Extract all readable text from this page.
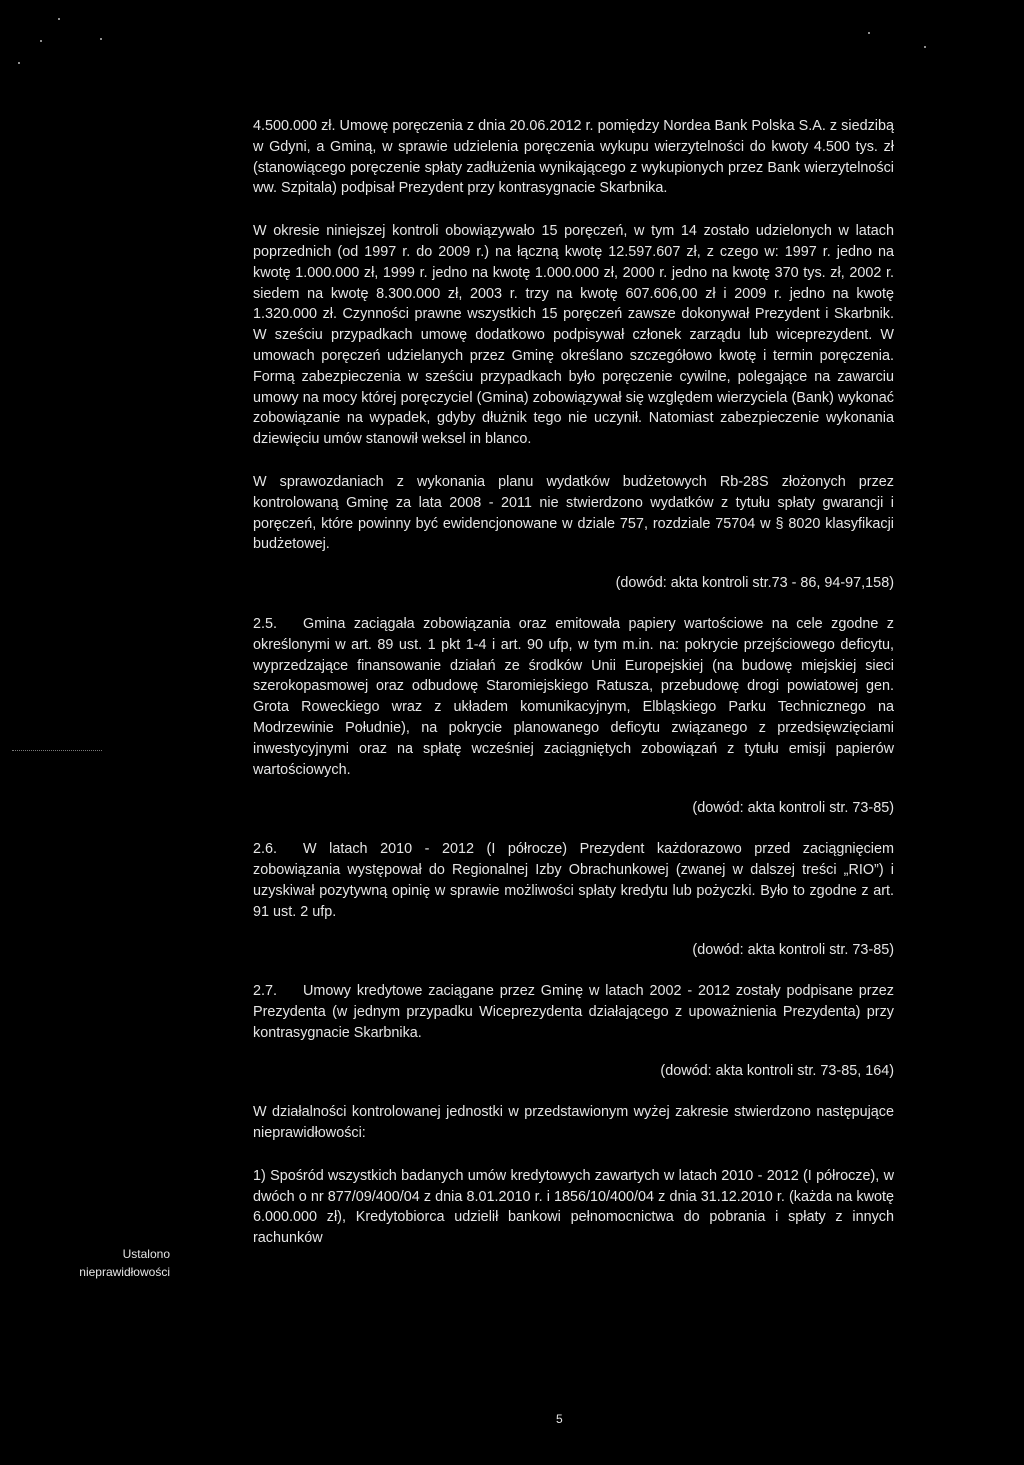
4.500.000 zł. Umowę poręczenia z dnia 20.06.2012 r. pomiędzy Nordea Bank Polska S.A. z siedzibą w Gdyni, a Gminą, w sprawie udzielenia poręczenia wykupu wierzytelności do kwoty 4.500 tys. zł (stanowiącego poręczenie spłaty zadłużenia wynikającego z wykupionych przez Bank wierzytelności ww. Szpitala) podpisał Prezydent przy kontrasygnacie Skarbnika.

W okresie niniejszej kontroli obowiązywało 15 poręczeń, w tym 14 zostało udzielonych w latach poprzednich (od 1997 r. do 2009 r.) na łączną kwotę 12.597.607 zł, z czego w: 1997 r. jedno na kwotę 1.000.000 zł, 1999 r. jedno na kwotę 1.000.000 zł, 2000 r. jedno na kwotę 370 tys. zł, 2002 r. siedem na kwotę 8.300.000 zł, 2003 r. trzy na kwotę 607.606,00 zł i 2009 r. jedno na kwotę 1.320.000 zł. Czynności prawne wszystkich 15 poręczeń zawsze dokonywał Prezydent i Skarbnik. W sześciu przypadkach umowę dodatkowo podpisywał członek zarządu lub wiceprezydent. W umowach poręczeń udzielanych przez Gminę określano szczegółowo kwotę i termin poręczenia. Formą zabezpieczenia w sześciu przypadkach było poręczenie cywilne, polegające na zawarciu umowy na mocy której poręczyciel (Gmina) zobowiązywał się względem wierzyciela (Bank) wykonać zobowiązanie na wypadek, gdyby dłużnik tego nie uczynił. Natomiast zabezpieczenie wykonania dziewięciu umów stanowił weksel in blanco.

W sprawozdaniach z wykonania planu wydatków budżetowych Rb-28S złożonych przez kontrolowaną Gminę za lata 2008 - 2011 nie stwierdzono wydatków z tytułu spłaty gwarancji i poręczeń, które powinny być ewidencjonowane w dziale 757, rozdziale 75704 w § 8020 klasyfikacji budżetowej.

(dowód: akta kontroli str.73 - 86, 94-97,158)

2.5. Gmina zaciągała zobowiązania oraz emitowała papiery wartościowe na cele zgodne z określonymi w art. 89 ust. 1 pkt 1-4 i art. 90 ufp, w tym m.in. na: pokrycie przejściowego deficytu, wyprzedzające finansowanie działań ze środków Unii Europejskiej (na budowę miejskiej sieci szerokopasmowej oraz odbudowę Staromiejskiego Ratusza, przebudowę drogi powiatowej gen. Grota Roweckiego wraz z układem komunikacyjnym, Elbląskiego Parku Technicznego na Modrzewinie Południe), na pokrycie planowanego deficytu związanego z przedsięwzięciami inwestycyjnymi oraz na spłatę wcześniej zaciągniętych zobowiązań z tytułu emisji papierów wartościowych.

(dowód: akta kontroli str. 73-85)

2.6. W latach 2010 - 2012 (I półrocze) Prezydent każdorazowo przed zaciągnięciem zobowiązania występował do Regionalnej Izby Obrachunkowej (zwanej w dalszej treści „RIO”) i uzyskiwał pozytywną opinię w sprawie możliwości spłaty kredytu lub pożyczki. Było to zgodne z art. 91 ust. 2 ufp.

(dowód: akta kontroli str. 73-85)

2.7. Umowy kredytowe zaciągane przez Gminę w latach 2002 - 2012 zostały podpisane przez Prezydenta (w jednym przypadku Wiceprezydenta działającego z upoważnienia Prezydenta) przy kontrasygnacie Skarbnika.

(dowód: akta kontroli str. 73-85, 164)

W działalności kontrolowanej jednostki w przedstawionym wyżej zakresie stwierdzono następujące nieprawidłowości:

1) Spośród wszystkich badanych umów kredytowych zawartych w latach 2010 - 2012 (I półrocze), w dwóch o nr 877/09/400/04 z dnia 8.01.2010 r. i 1856/10/400/04 z dnia 31.12.2010 r. (każda na kwotę 6.000.000 zł), Kredytobiorca udzielił bankowi pełnomocnictwa do pobrania i spłaty z innych rachunków

Ustalono nieprawidłowości
5
